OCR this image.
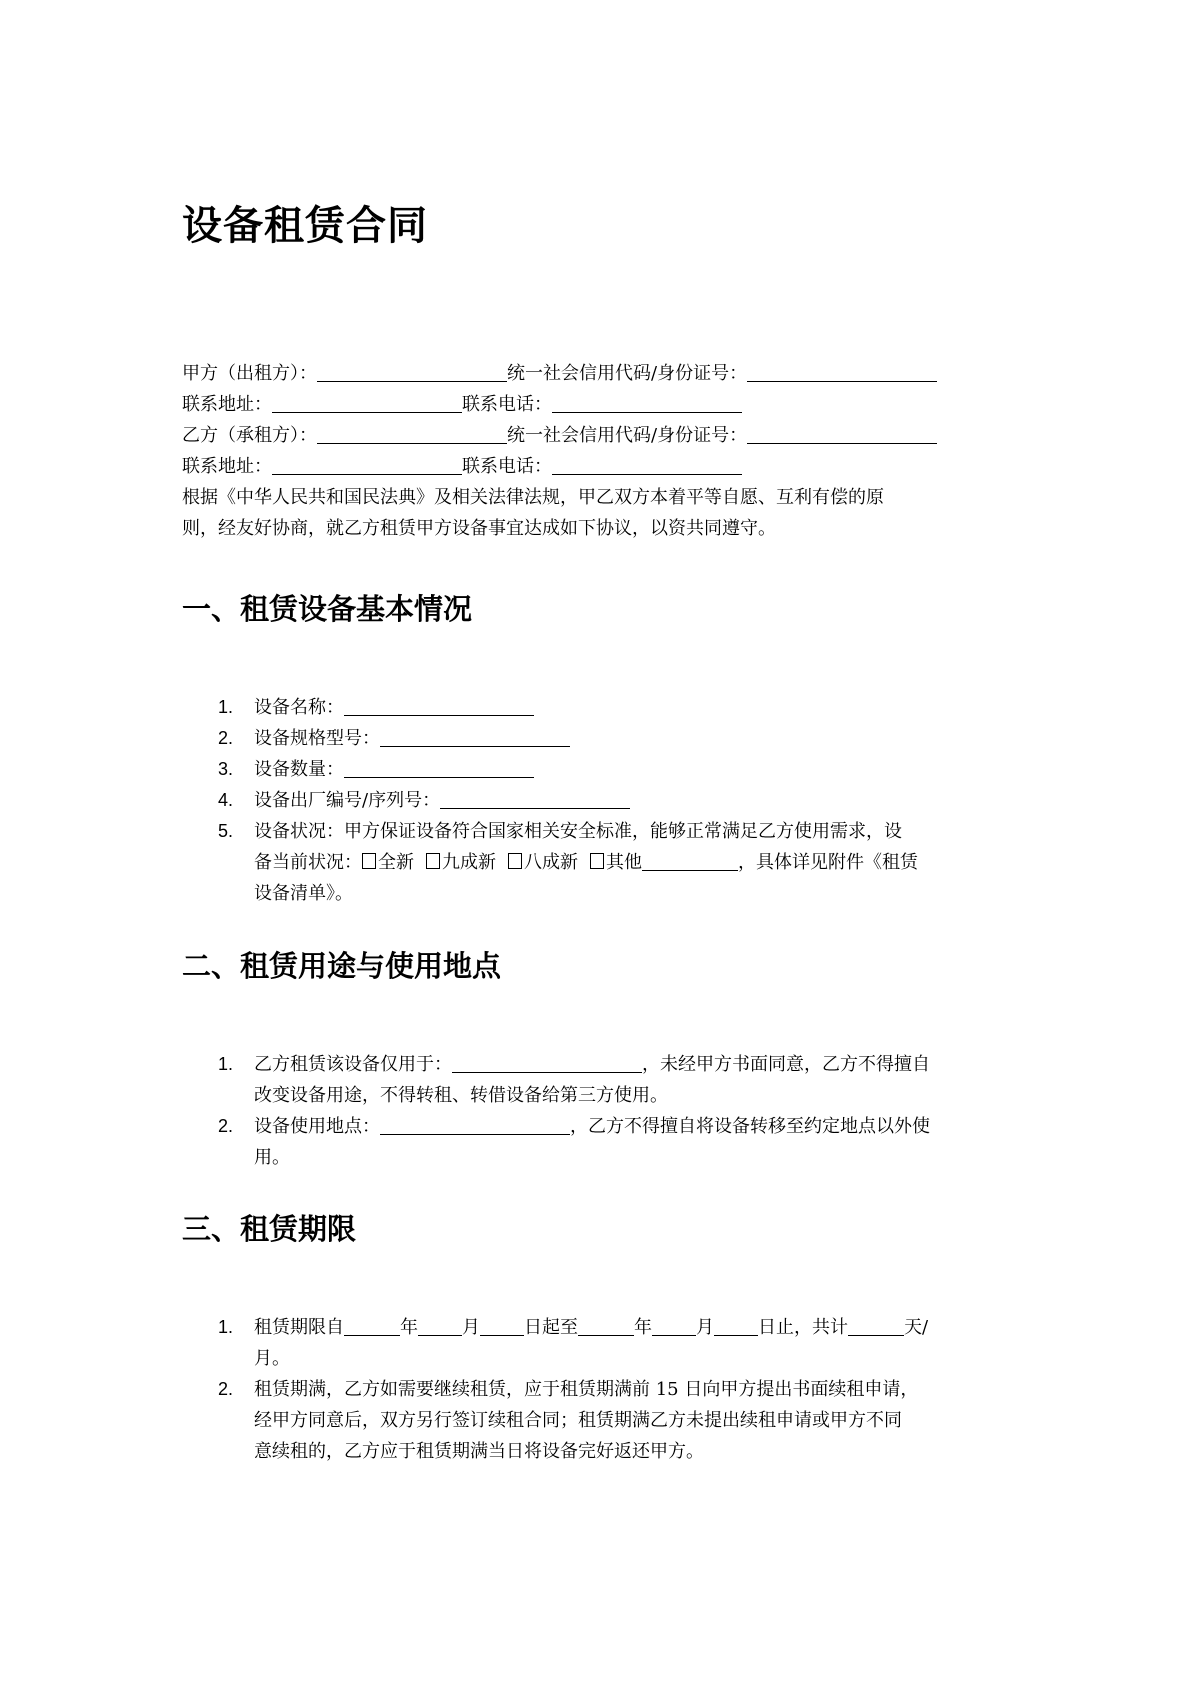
设备租赁合同
甲方（出租方）：	统一社会信用代码/身份证号：
联系地址：	联系电话：
乙方（承租方）：	统一社会信用代码/身份证号：
联系地址：	联系电话：
根据《中华人民共和国民法典》及相关法律法规，甲乙双方本着平等自愿、互利有偿的原
则，经友好协商，就乙方租赁甲方设备事宜达成如下协议，以资共同遵守。
一、租赁设备基本情况
1. 设备名称：
2. 设备规格型号：
3. 设备数量：
4. 设备出厂编号/序列号：
5. 设备状况：甲方保证设备符合国家相关安全标准，能够正常满足乙方使用需求，设
备当前状况： 全新 九成新 八成新 其他	，具体详见附件《租赁
设备清单》。
二、租赁用途与使用地点
1. 乙方租赁该设备仅用于：	，未经甲方书面同意，乙方不得擅自
改变设备用途，不得转租、转借设备给第三方使用。
2. 设备使用地点：	，乙方不得擅自将设备转移至约定地点以外使
用。
三、租赁期限
1. 租赁期限自	年 月 日起至	年 月 日止，共计	天/
月。
2. 租赁期满，乙方如需要继续租赁，应于租赁期满前 15 日向甲方提出书面续租申请，
经甲方同意后，双方另行签订续租合同；租赁期满乙方未提出续租申请或甲方不同
意续租的，乙方应于租赁期满当日将设备完好返还甲方。
